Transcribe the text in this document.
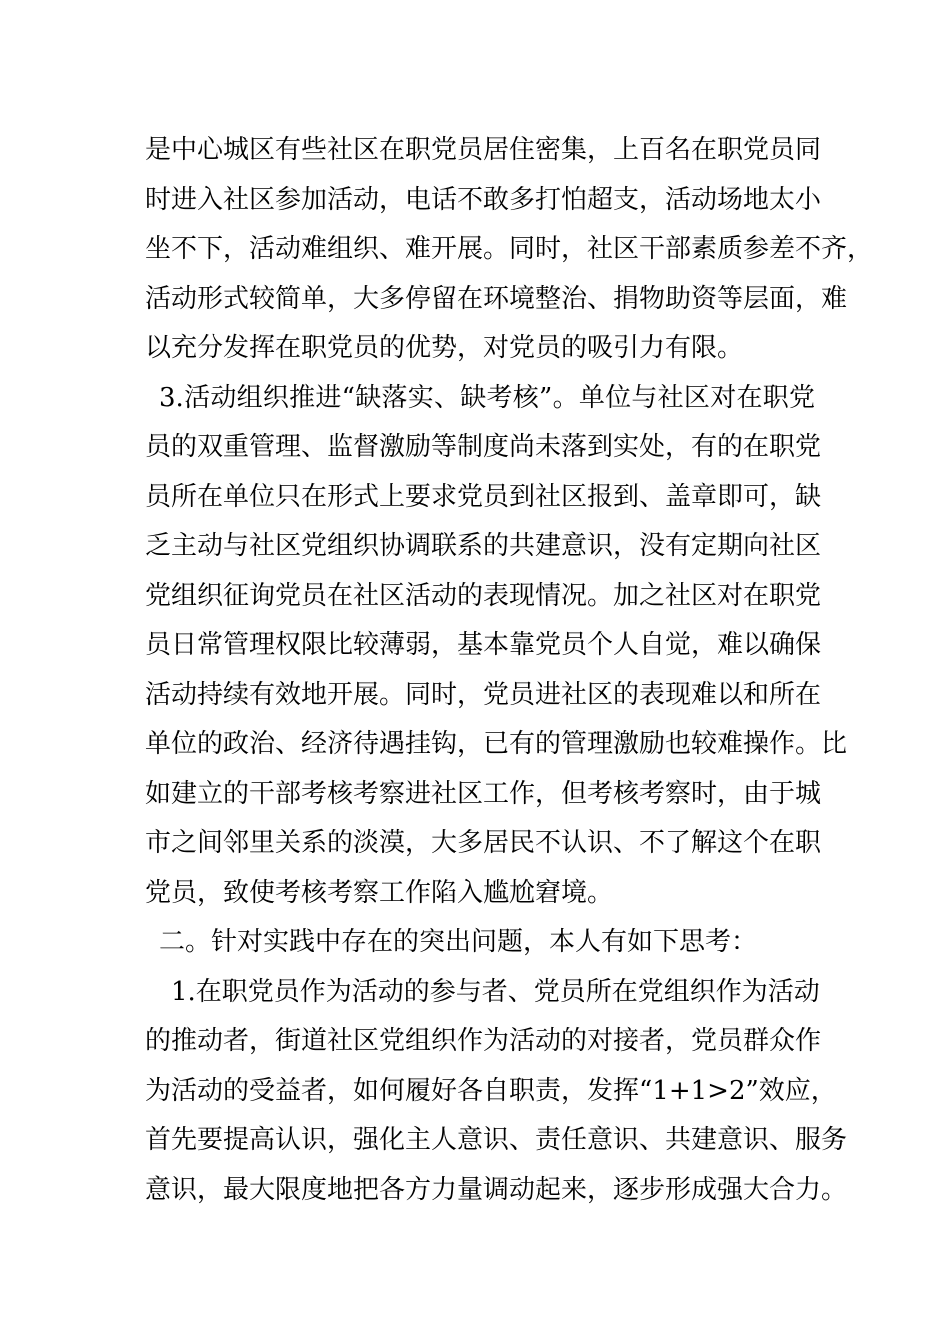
是中心城区有些社区在职党员居住密集，上百名在职党员同
时进入社区参加活动，电话不敢多打怕超支，活动场地太小
坐不下，活动难组织、难开展。同时，社区干部素质参差不齐，
活动形式较简单，大多停留在环境整治、捐物助资等层面，难
以充分发挥在职党员的优势，对党员的吸引力有限。
3.活动组织推进“缺落实、缺考核”。单位与社区对在职党
员的双重管理、监督激励等制度尚未落到实处，有的在职党
员所在单位只在形式上要求党员到社区报到、盖章即可，缺
乏主动与社区党组织协调联系的共建意识，没有定期向社区
党组织征询党员在社区活动的表现情况。加之社区对在职党
员日常管理权限比较薄弱，基本靠党员个人自觉，难以确保
活动持续有效地开展。同时，党员进社区的表现难以和所在
单位的政治、经济待遇挂钩，已有的管理激励也较难操作。比
如建立的干部考核考察进社区工作，但考核考察时，由于城
市之间邻里关系的淡漠，大多居民不认识、不了解这个在职
党员，致使考核考察工作陷入尴尬窘境。
二。针对实践中存在的突出问题，本人有如下思考：
1.在职党员作为活动的参与者、党员所在党组织作为活动
的推动者，街道社区党组织作为活动的对接者，党员群众作
为活动的受益者，如何履好各自职责，发挥“1+1>2”效应，
首先要提高认识，强化主人意识、责任意识、共建意识、服务
意识，最大限度地把各方力量调动起来，逐步形成强大合力。
